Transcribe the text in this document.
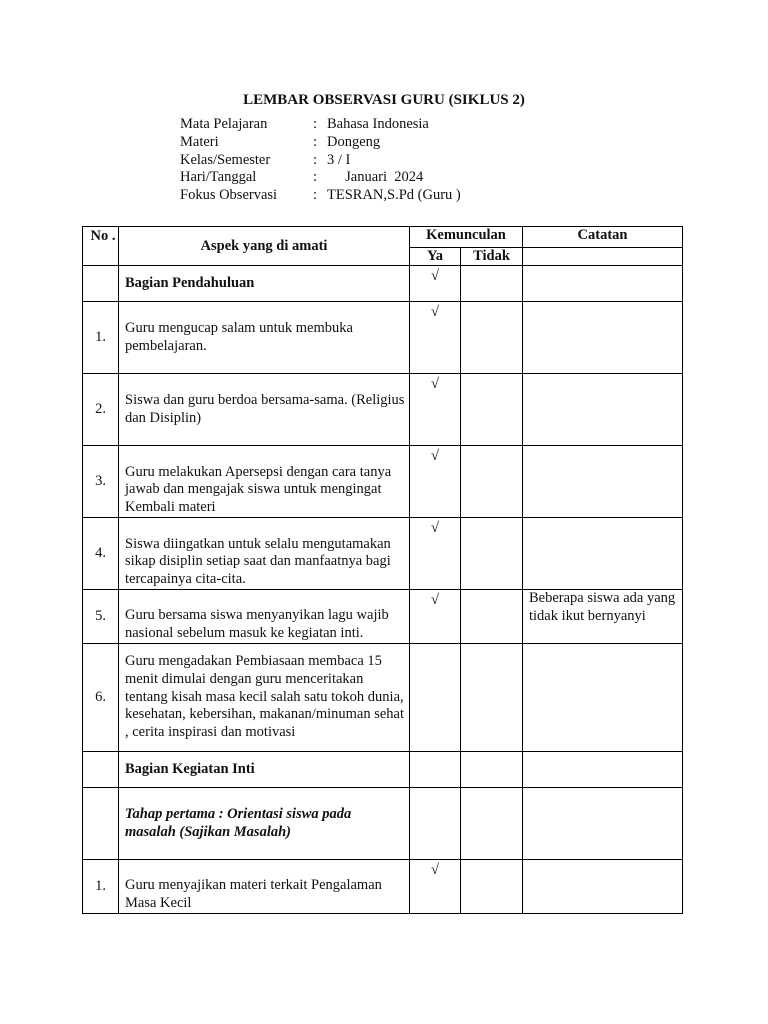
LEMBAR OBSERVASI GURU (SIKLUS 2)
Mata Pelajaran	:	Bahasa Indonesia
Materi	:	Dongeng
Kelas/Semester	:	3 / I
Hari/Tanggal	:	Januari  2024
Fokus Observasi	:	TESRAN,S.Pd (Guru )
No .	Aspek yang di amati	Kemunculan		Catatan
		Ya	Tidak	
	Bagian Pendahuluan	√		
1.	Guru mengucap salam untuk membuka pembelajaran.	√		
2.	Siswa dan guru berdoa bersama-sama. (Religius dan Disiplin)	√		
3.	Guru melakukan Apersepsi dengan cara tanya jawab dan mengajak siswa untuk mengingat Kembali materi	√		
4.	Siswa diingatkan untuk selalu mengutamakan sikap disiplin setiap saat dan manfaatnya bagi tercapainya cita-cita.	√		
5.	Guru bersama siswa menyanyikan lagu wajib nasional sebelum masuk ke kegiatan inti.	√		Beberapa siswa ada yang tidak ikut bernyanyi
6.	Guru mengadakan Pembiasaan membaca 15 menit dimulai dengan guru menceritakan tentang kisah masa kecil salah satu tokoh dunia, kesehatan, kebersihan, makanan/minuman sehat , cerita inspirasi dan motivasi			
	Bagian Kegiatan Inti			
	Tahap pertama : Orientasi siswa pada masalah (Sajikan Masalah)			
1.	Guru menyajikan materi terkait Pengalaman Masa Kecil	√		
